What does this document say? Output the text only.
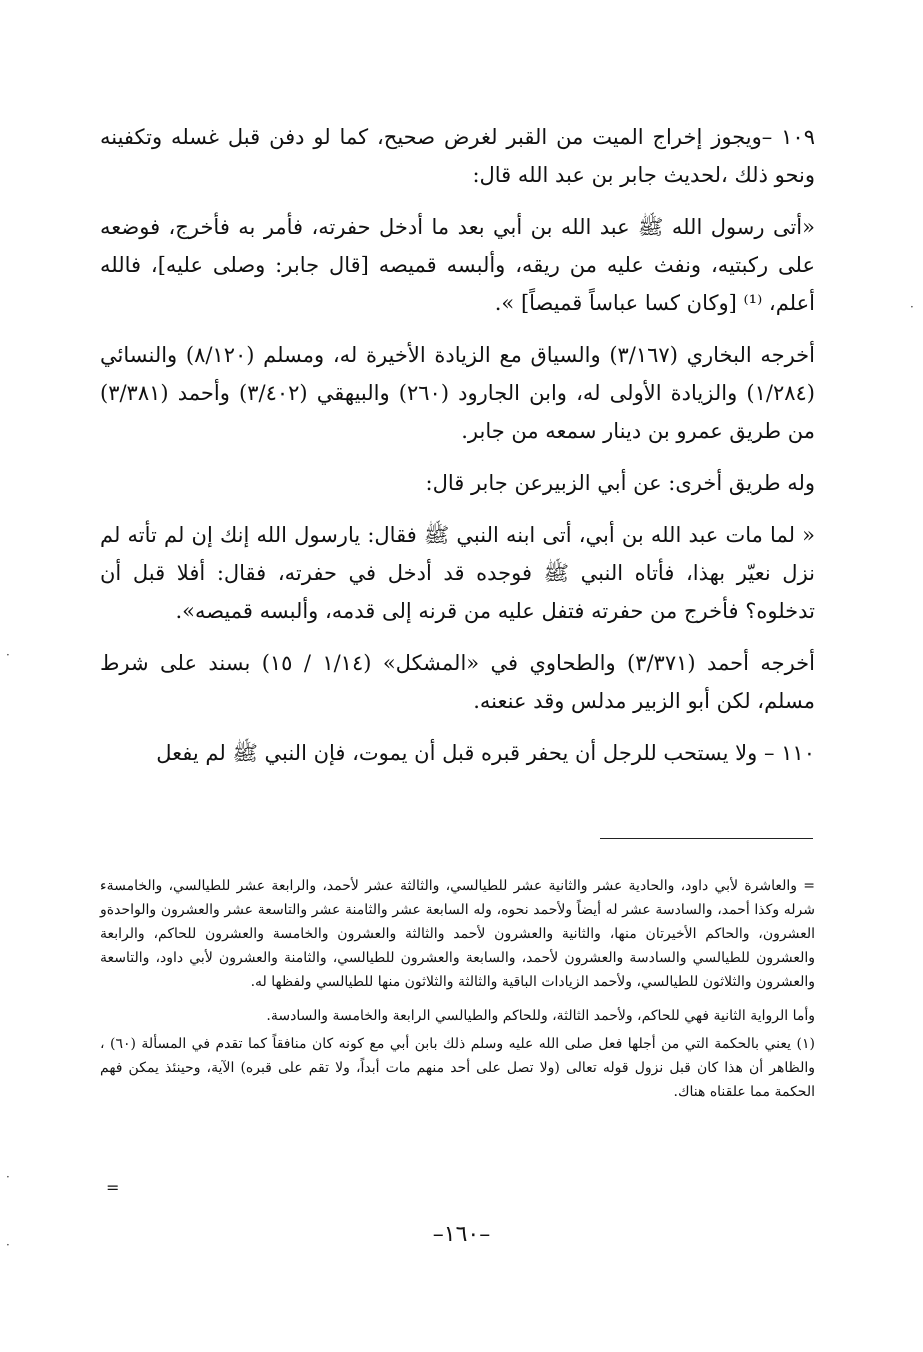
١٠٩ –ويجوز إخراج الميت من القبر لغرض صحيح، كما لو دفن قبل غسله وتكفينه ونحو ذلك ،لحديث جابر بن عبد الله قال:

«أتى رسول الله ﷺ عبد الله بن أبي بعد ما أدخل حفرته، فأمر به فأخرج، فوضعه على ركبتيه، ونفث عليه من ريقه، وألبسه قميصه [قال جابر: وصلى عليه]، فالله أعلم، ⁽¹⁾ [وكان كسا عباساً قميصاً] ».

أخرجه البخاري (٣/١٦٧) والسياق مع الزيادة الأخيرة له، ومسلم (٨/١٢٠) والنسائي (١/٢٨٤) والزيادة الأولى له، وابن الجارود (٢٦٠) والبيهقي (٣/٤٠٢) وأحمد (٣/٣٨١) من طريق عمرو بن دينار سمعه من جابر.

وله طريق أخرى: عن أبي الزبيرعن جابر قال:

« لما مات عبد الله بن أبي، أتى ابنه النبي ﷺ فقال: يارسول الله إنك إن لم تأته لم نزل نعيّر بهذا، فأتاه النبي ﷺ فوجده قد أدخل في حفرته، فقال: أفلا قبل أن تدخلوه؟ فأخرج من حفرته فتفل عليه من قرنه إلى قدمه، وألبسه قميصه».

أخرجه أحمد (٣/٣٧١) والطحاوي في «المشكل» (١/١٤ / ١٥) بسند على شرط مسلم، لكن أبو الزبير مدلس وقد عنعنه.

١١٠ – ولا يستحب للرجل أن يحفر قبره قبل أن يموت، فإن النبي ﷺ لم يفعل

= والعاشرة لأبي داود، والحادية عشر والثانية عشر للطيالسي، والثالثة عشر لأحمد، والرابعة عشر للطيالسي، والخامسةء شرله وكذا أحمد، والسادسة عشر له أيضاً ولأحمد نحوه، وله السابعة عشر والثامنة عشر والتاسعة عشر والعشرون والواحدةو العشرون، والحاكم الأخيرتان منها، والثانية والعشرون لأحمد والثالثة والعشرون والخامسة والعشرون للحاكم، والرابعة والعشرون للطيالسي والسادسة والعشرون لأحمد، والسابعة والعشرون للطيالسي، والثامنة والعشرون لأبي داود، والتاسعة والعشرون والثلاثون للطيالسي، ولأحمد الزيادات الباقية والثالثة والثلاثون منها للطيالسي ولفظها له.

وأما الرواية الثانية فهي للحاكم، ولأحمد الثالثة، وللحاكم والطيالسي الرابعة والخامسة والسادسة.

(١) يعني بالحكمة التي من أجلها فعل صلى الله عليه وسلم ذلك بابن أبي مع كونه كان منافقاً كما تقدم في المسألة (٦٠) ، والظاهر أن هذا كان قبل نزول قوله تعالى (ولا تصل على أحد منهم مات أبداً، ولا تقم على قبره) الآية، وحينئذ يمكن فهم الحكمة مما علقناه هناك.

=
–١٦٠–
·
·
·
·
